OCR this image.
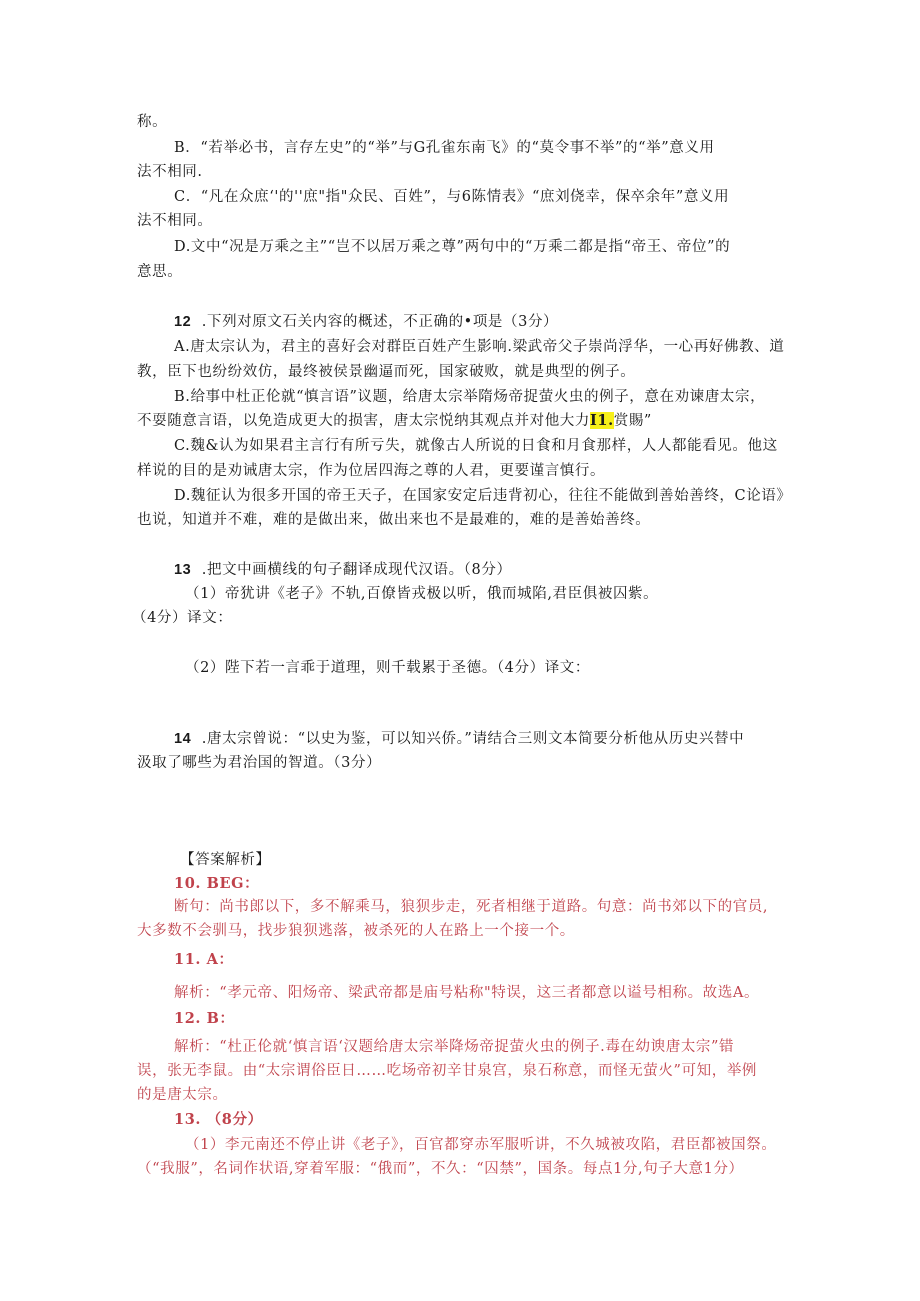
称。
B．“若举必书，言存左史”的“举”与G孔雀东南飞》的“莫令事不举”的“举”意义用
法不相同.
C．“凡在众庶‘'的''庶"指"众民、百姓”，与6陈情表》“庶刘侥幸，保卒余年”意义用
法不相同。
D.文中“况是万乘之主”“岂不以居万乘之尊”两句中的“万乘二都是指“帝王、帝位”的
意思。
12 .下列对原文石关内容的概述，不正确的•项是（3分）
A.唐太宗认为，君主的喜好会对群臣百姓产生影响.梁武帝父子崇尚浮华，一心再好佛教、道
教，臣下也纷纷效仿，最终被侯景幽逼而死，国家破败，就是典型的例子。
B.给事中杜正伦就“慎言语”议题，给唐太宗举隋炀帝捉萤火虫的例子，意在劝谏唐太宗，
不耍随意言语，以免造成更大的损害，唐太宗悦纳其观点并对他大力I1.赏賜”
C.魏&认为如果君主言行有所亏失，就像古人所说的日食和月食那样，人人都能看见。他这
样说的目的是劝诫唐太宗，作为位居四海之尊的人君，更要谨言慎行。
D.魏征认为很多开国的帝王天子，在国家安定后违背初心，往往不能做到善始善终，C论语》
也说，知道并不难，难的是做出来，做出来也不是最难的，难的是善始善终。
13 .把文中画横线的句子翻译成现代汉语。（8分）
（1）帝犹讲《老子》不轨,百僚皆戎极以听，俄而城陷,君臣俱被囚紫。
（4分）译文：
（2）陛下若一言乖于道理，则千载累于圣德。（4分）译文：
14 .唐太宗曾说：“以史为鉴，可以知兴侨。”请结合三则文本简要分析他从历史兴替中
汲取了哪些为君治国的智道。（3分）
【答案解析】
10. BEG：
断句：尚书郎以下，多不解乘马，狼狈步走，死者相继于道路。句意：尚书郊以下的官员,
大多数不会驯马，找步狼狈逃落，被杀死的人在路上一个接一个。
11. A：
解析：“孝元帝、阳炀帝、梁武帝都是庙号粘称"特误，这三者都意以谥号相称。故选A。
12. B：
解析：“杜正伦就‘慎言语‘汉题给唐太宗举降炀帝捉萤火虫的例子.毒在幼谀唐太宗”错
误，张无李鼠。由“太宗谓俗臣日……吃场帝初辛甘泉宫，泉石称意，而怪无萤火”可知，举例
的是唐太宗。
13. （8分）
（1）李元南还不停止讲《老子》，百官都穿赤军服听讲，不久城被攻陷，君臣都被国祭。
（“我服”，名词作状语,穿着军服：“俄而”，不久：“囚禁”，国条。每点1分,句子大意1分）
